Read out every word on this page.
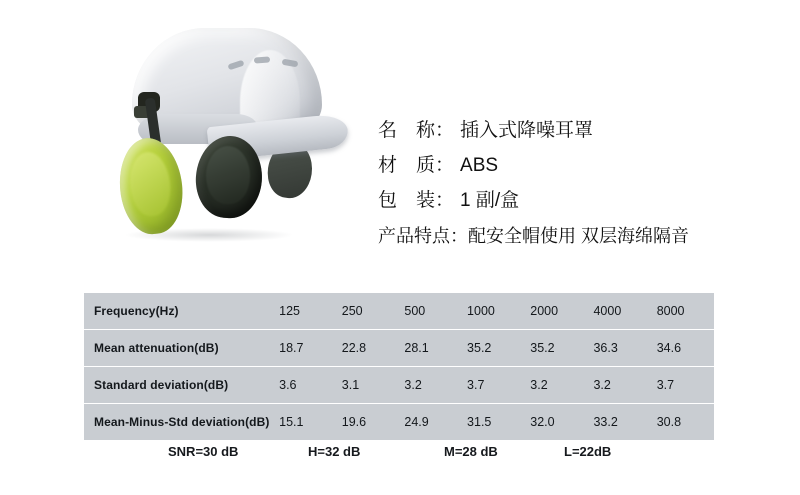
名　称： 插入式降噪耳罩
材　质： ABS
包　装： 1 副/盒
产品特点：配安全帽使用 双层海绵隔音
Frequency(Hz)	125	250	500	1000	2000	4000	8000
Mean attenuation(dB)	18.7	22.8	28.1	35.2	35.2	36.3	34.6
Standard deviation(dB)	3.6	3.1	3.2	3.7	3.2	3.2	3.7
Mean-Minus-Std deviation(dB)	15.1	19.6	24.9	31.5	32.0	33.2	30.8
SNR=30 dB	H=32 dB	M=28 dB	L=22dB
